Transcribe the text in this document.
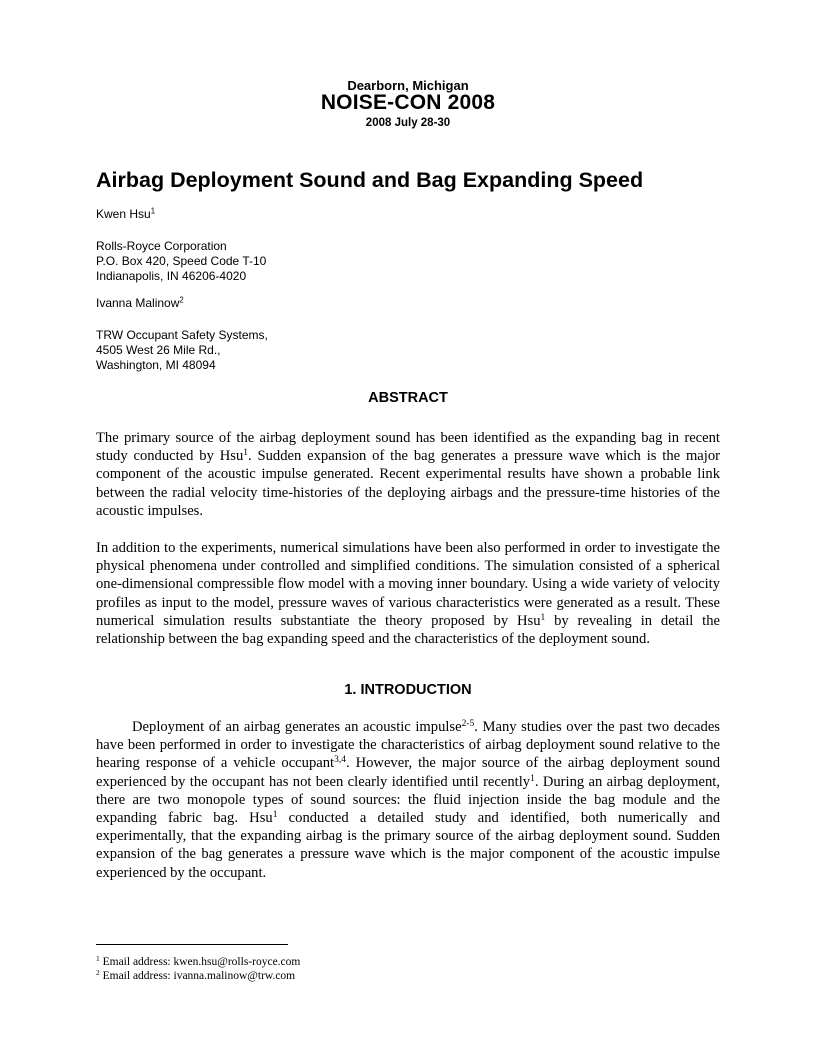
Dearborn, Michigan
NOISE-CON 2008
2008 July 28-30
Airbag Deployment Sound and Bag Expanding Speed
Kwen Hsu$^1$
Rolls-Royce Corporation
P.O. Box 420, Speed Code T-10
Indianapolis, IN 46206-4020
Ivanna Malinow$^2$
TRW Occupant Safety Systems,
4505 West 26 Mile Rd.,
Washington, MI 48094
ABSTRACT
The primary source of the airbag deployment sound has been identified as the expanding bag in recent study conducted by Hsu$^1$. Sudden expansion of the bag generates a pressure wave which is the major component of the acoustic impulse generated. Recent experimental results have shown a probable link between the radial velocity time-histories of the deploying airbags and the pressure-time histories of the acoustic impulses.
In addition to the experiments, numerical simulations have been also performed in order to investigate the physical phenomena under controlled and simplified conditions. The simulation consisted of a spherical one-dimensional compressible flow model with a moving inner boundary. Using a wide variety of velocity profiles as input to the model, pressure waves of various characteristics were generated as a result. These numerical simulation results substantiate the theory proposed by Hsu$^1$ by revealing in detail the relationship between the bag expanding speed and the characteristics of the deployment sound.
1. INTRODUCTION
Deployment of an airbag generates an acoustic impulse$^{2-5}$. Many studies over the past two decades have been performed in order to investigate the characteristics of airbag deployment sound relative to the hearing response of a vehicle occupant$^{3,4}$. However, the major source of the airbag deployment sound experienced by the occupant has not been clearly identified until recently$^1$. During an airbag deployment, there are two monopole types of sound sources: the fluid injection inside the bag module and the expanding fabric bag. Hsu$^1$ conducted a detailed study and identified, both numerically and experimentally, that the expanding airbag is the primary source of the airbag deployment sound. Sudden expansion of the bag generates a pressure wave which is the major component of the acoustic impulse experienced by the occupant.
$^1$ Email address: kwen.hsu@rolls-royce.com
$^2$ Email address: ivanna.malinow@trw.com
